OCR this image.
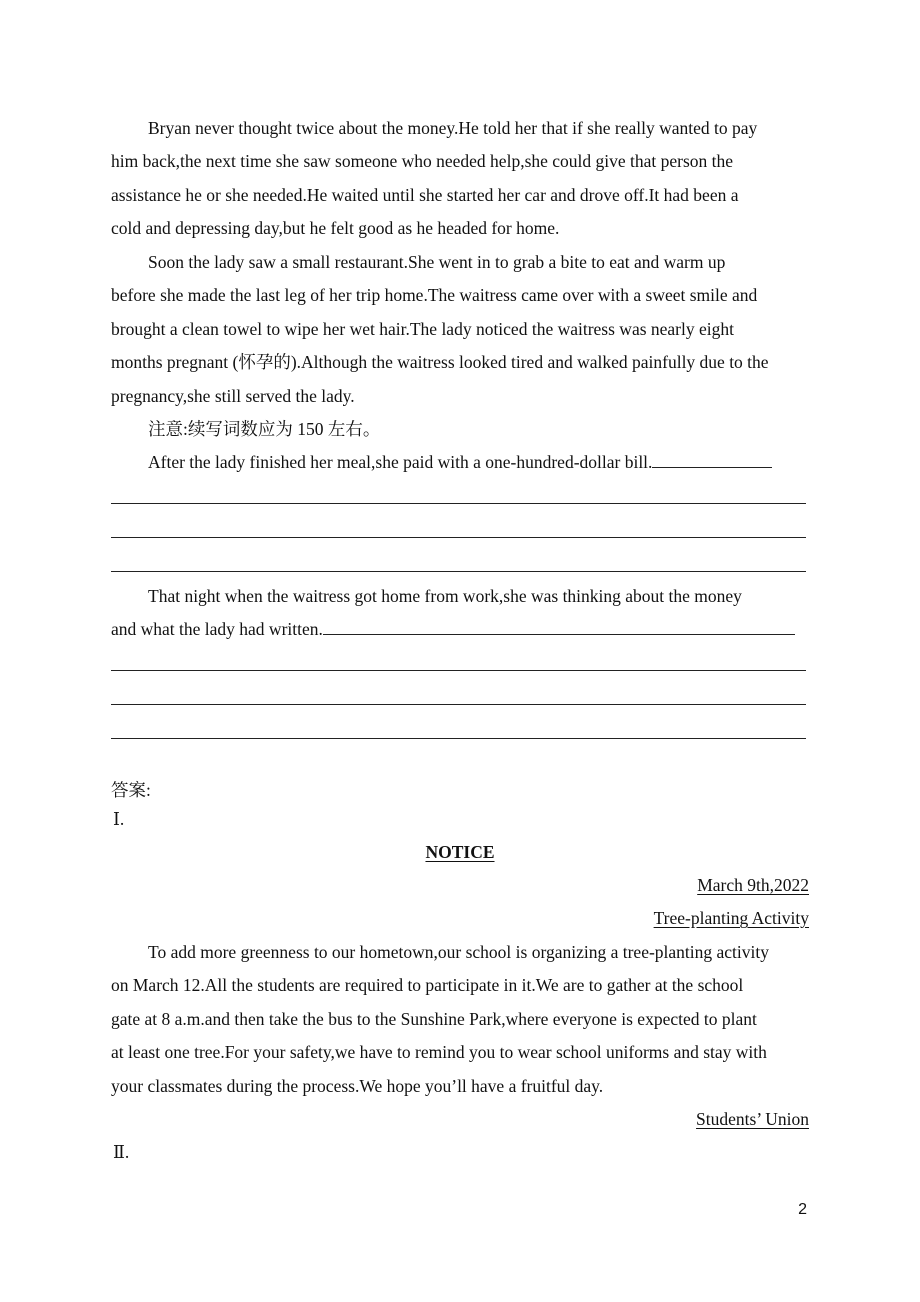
Bryan never thought twice about the money.He told her that if she really wanted to pay
him back,the next time she saw someone who needed help,she could give that person the
assistance he or she needed.He waited until she started her car and drove off.It had been a
cold and depressing day,but he felt good as he headed for home.
Soon the lady saw a small restaurant.She went in to grab a bite to eat and warm up
before she made the last leg of her trip home.The waitress came over with a sweet smile and
brought a clean towel to wipe her wet hair.The lady noticed the waitress was nearly eight
months pregnant (怀孕的).Although the waitress looked tired and walked painfully due to the
pregnancy,she still served the lady.
注意:续写词数应为 150 左右。
After the lady finished her meal,she paid with a one-hundred-dollar bill.
That night when the waitress got home from work,she was thinking about the money
and what the lady had written.
答案:
Ⅰ.
NOTICE
March 9th,2022
Tree-planting Activity
To add more greenness to our hometown,our school is organizing a tree-planting activity
on March 12.All the students are required to participate in it.We are to gather at the school
gate at 8 a.m.and then take the bus to the Sunshine Park,where everyone is expected to plant
at least one tree.For your safety,we have to remind you to wear school uniforms and stay with
your classmates during the process.We hope you’ll have a fruitful day.
Students’ Union
Ⅱ.
2
